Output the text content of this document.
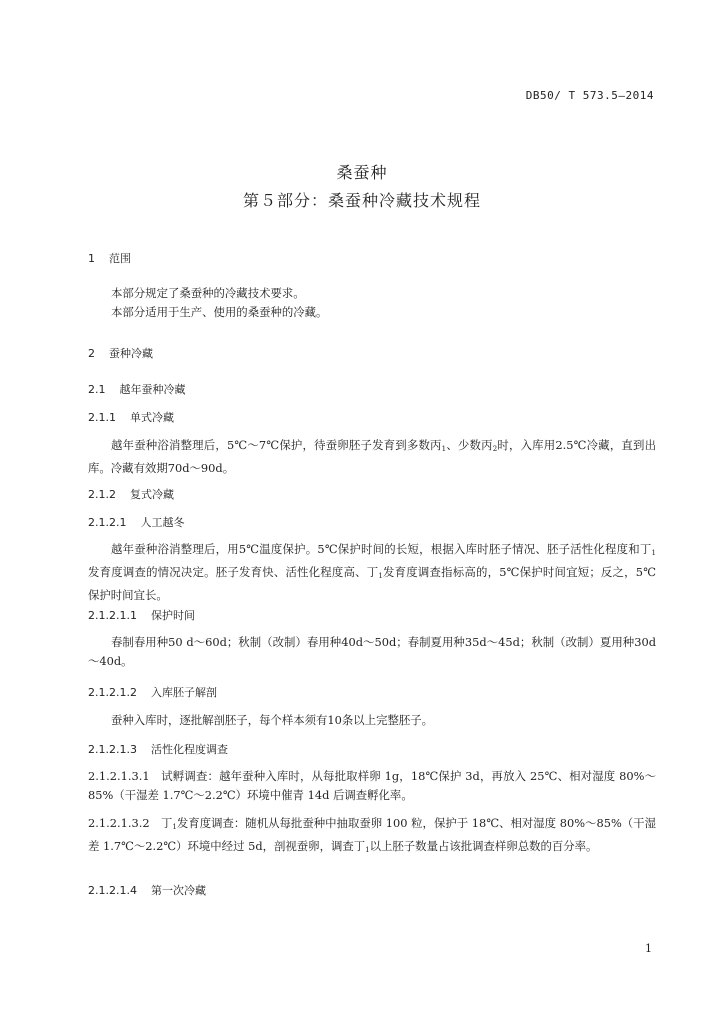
DB50/ T 573.5—2014
桑蚕种
第５部分：桑蚕种冷藏技术规程
1 范围
本部分规定了桑蚕种的冷藏技术要求。
本部分适用于生产、使用的桑蚕种的冷藏。
2 蚕种冷藏
2.1 越年蚕种冷藏
2.1.1 单式冷藏
越年蚕种浴消整理后，5℃～7℃保护，待蚕卵胚子发育到多数丙$_1$、少数丙$_2$时，入库用2.5℃冷藏，直到出库。冷藏有效期70d～90d。
2.1.2 复式冷藏
2.1.2.1 人工越冬
越年蚕种浴消整理后，用5℃温度保护。5℃保护时间的长短，根据入库时胚子情况、胚子活性化程度和丁$_1$发育度调查的情况决定。胚子发育快、活性化程度高、丁$_1$发育度调查指标高的，5℃保护时间宜短；反之，5℃保护时间宜长。
2.1.2.1.1 保护时间
春制春用种50 d～60d；秋制（改制）春用种40d～50d；春制夏用种35d～45d；秋制（改制）夏用种30d～40d。
2.1.2.1.2 入库胚子解剖
蚕种入库时，逐批解剖胚子，每个样本须有10条以上完整胚子。
2.1.2.1.3 活性化程度调查
2.1.2.1.3.1　试孵调查：越年蚕种入库时，从每批取样卵 1g，18℃保护 3d，再放入 25℃、相对湿度 80%～85%（干湿差 1.7℃～2.2℃）环境中催青 14d 后调查孵化率。
2.1.2.1.3.2　丁$_1$发育度调查：随机从每批蚕种中抽取蚕卵 100 粒，保护于 18℃、相对湿度 80%～85%（干湿差 1.7℃～2.2℃）环境中经过 5d，剖视蚕卵，调查丁$_1$以上胚子数量占该批调查样卵总数的百分率。
2.1.2.1.4 第一次冷藏
1
